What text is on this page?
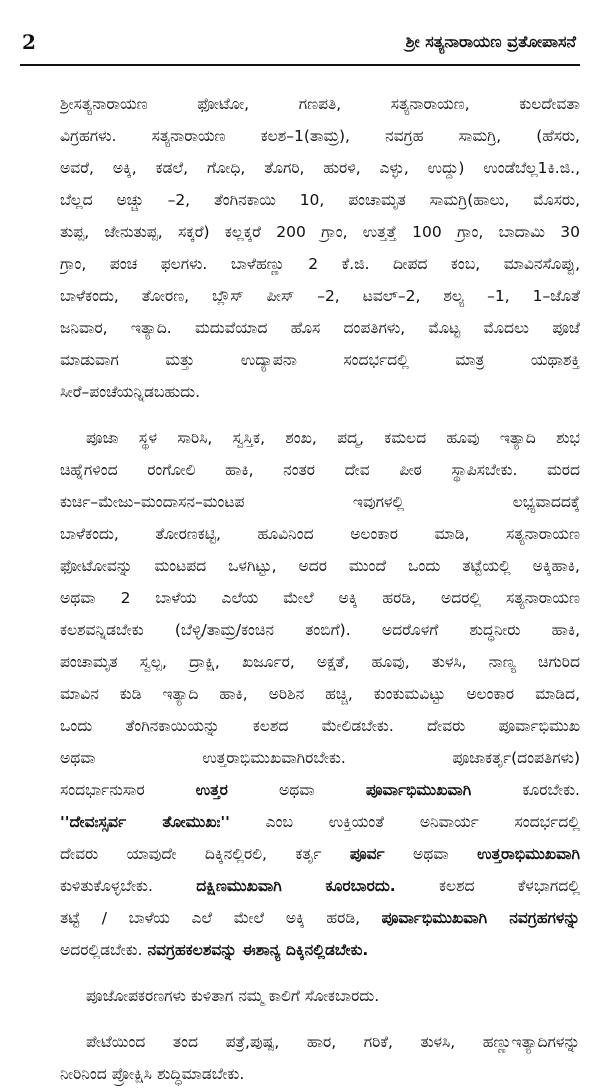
2	ಶ್ರೀ ಸತ್ಯನಾರಾಯಣ ವ್ರತೋಪಾಸನೆ
ಶ್ರೀಸತ್ಯನಾರಾಯಣ ಫೋಟೋ, ಗಣಪತಿ, ಸತ್ಯನಾರಾಯಣ, ಕುಲದೇವತಾ
ವಿಗ್ರಹಗಳು. ಸತ್ಯನಾರಾಯಣ ಕಲಶ–1(ತಾಮ್ರ), ನವಗ್ರಹ ಸಾಮಗ್ರಿ, (ಹೆಸರು,
ಅವರೆ, ಅಕ್ಕಿ, ಕಡಲೆ, ಗೋಧಿ, ತೊಗರಿ, ಹುರಳಿ, ಎಳ್ಳು, ಉದ್ದು) ಉಂಡೆಬೆಲ್ಲ1ಕಿ.ಜಿ.,
ಬೆಲ್ಲದ ಅಚ್ಚು –2, ತೆಂಗಿನಕಾಯಿ 10, ಪಂಚಾಮೃತ ಸಾಮಗ್ರಿ(ಹಾಲು, ಮೊಸರು,
ತುಪ್ಪ, ಜೇನುತುಪ್ಪ, ಸಕ್ಕರೆ) ಕಲ್ಲಕ್ಕರೆ 200 ಗ್ರಾಂ, ಉತ್ತತ್ತೆ 100 ಗ್ರಾಂ, ಬಾದಾಮಿ 30
ಗ್ರಾಂ, ಪಂಚ ಫಲಗಳು. ಬಾಳೆಹಣ್ಣು 2 ಕೆ.ಜಿ. ದೀಪದ ಕಂಬ, ಮಾವಿನಸೊಪ್ಪು,
ಬಾಳೆಕಂದು, ತೋರಣ, ಬ್ಲೌಸ್ ಪೀಸ್ –2, ಟವಲ್–2, ಶಲ್ಯ –1, 1–ಜೊತೆ
ಜನಿವಾರ, ಇತ್ಯಾದಿ. ಮದುವೆಯಾದ ಹೊಸ ದಂಪತಿಗಳು, ಮೊಟ್ಟ ಮೊದಲು ಪೂಜೆ
ಮಾಡುವಾಗ ಮತ್ತು ಉದ್ಯಾಪನಾ ಸಂದರ್ಭದಲ್ಲಿ ಮಾತ್ರ ಯಥಾಶಕ್ತಿ
ಸೀರೆ–ಪಂಚೆಯನ್ನಿಡಬಹುದು.
ಪೂಜಾ ಸ್ಥಳ ಸಾರಿಸಿ, ಸ್ವಸ್ತಿಕ, ಶಂಖ, ಪದ್ಮ, ಕಮಲದ ಹೂವು ಇತ್ಯಾದಿ ಶುಭ
ಚಿಹ್ನೆಗಳಿಂದ ರಂಗೋಲಿ ಹಾಕಿ, ನಂತರ ದೇವ ಪೀಠ ಸ್ಥಾಪಿಸಬೇಕು. ಮರದ
ಕುರ್ಚಿ–ಮೇಜು–ಮಂದಾಸನ–ಮಂಟಪ ಇವುಗಳಲ್ಲಿ ಲಭ್ಯವಾದದಕ್ಕೆ
ಬಾಳೆಕಂದು, ತೋರಣಕಟ್ಟಿ, ಹೂವಿನಿಂದ ಅಲಂಕಾರ ಮಾಡಿ, ಸತ್ಯನಾರಾಯಣ
ಫೋಟೋವನ್ನು ಮಂಟಪದ ಒಳಗಿಟ್ಟು, ಅದರ ಮುಂದೆ ಒಂದು ತಟ್ಟೆಯಲ್ಲಿ ಅಕ್ಕಿಹಾಕಿ,
ಅಥವಾ 2 ಬಾಳೆಯ ಎಲೆಯ ಮೇಲೆ ಅಕ್ಕಿ ಹರಡಿ, ಅದರಲ್ಲಿ ಸತ್ಯನಾರಾಯಣ
ಕಲಶವನ್ನಿಡಬೇಕು (ಬೆಳ್ಳಿ/ತಾಮ್ರ/ಕಂಚಿನ ತಂಬಿಗೆ). ಅದರೊಳಗೆ ಶುದ್ಧನೀರು ಹಾಕಿ,
ಪಂಚಾಮೃತ ಸ್ವಲ್ಪ, ದ್ರಾಕ್ಷಿ, ಖರ್ಜೂರ, ಅಕ್ಷತೆ, ಹೂವು, ತುಳಸಿ, ನಾಣ್ಯ ಚಿಗುರಿದ
ಮಾವಿನ ಕುಡಿ ಇತ್ಯಾದಿ ಹಾಕಿ, ಅರಿಶಿನ ಹಚ್ಚಿ, ಕುಂಕುಮವಿಟ್ಟು ಅಲಂಕಾರ ಮಾಡಿದ,
ಒಂದು ತೆಂಗಿನಕಾಯಿಯನ್ನು ಕಲಶದ ಮೇಲಿಡಬೇಕು. ದೇವರು ಪೂರ್ವಾಭಿಮುಖ
ಅಥವಾ ಉತ್ತರಾಭಿಮುಖವಾಗಿರಬೇಕು. ಪೂಜಾಕರ್ತೃ(ದಂಪತಿಗಳು)
ಸಂದರ್ಭಾನುಸಾರ ಉತ್ತರ ಅಥವಾ ಪೂರ್ವಾಭಿಮುಖವಾಗಿ ಕೂರಬೇಕು.
''ದೇವಃಸ್ಸರ್ವ ತೋಮುಖಃ'' ಎಂಬ ಉಕ್ತಿಯಂತೆ ಅನಿವಾರ್ಯ ಸಂದರ್ಭದಲ್ಲಿ
ದೇವರು ಯಾವುದೇ ದಿಕ್ಕಿನಲ್ಲಿರಲಿ, ಕರ್ತೃ ಪೂರ್ವ ಅಥವಾ ಉತ್ತರಾಭಿಮುಖವಾಗಿ
ಕುಳಿತುಕೊಳ್ಳಬೇಕು. ದಕ್ಷಿಣಮುಖವಾಗಿ ಕೂರಬಾರದು. ಕಲಶದ ಕೆಳಭಾಗದಲ್ಲಿ
ತಟ್ಟೆ / ಬಾಳೆಯ ಎಲೆ ಮೇಲೆ ಅಕ್ಕಿ ಹರಡಿ, ಪೂರ್ವಾಭಿಮುಖವಾಗಿ ನವಗ್ರಹಗಳನ್ನು
ಅದರಲ್ಲಿಡಬೇಕು. ನವಗ್ರಹಕಲಶವನ್ನು ಈಶಾನ್ಯ ದಿಕ್ಕಿನಲ್ಲಿಡಬೇಕು.
ಪೂಜೋಪಕರಣಗಳು ಕುಳಿತಾಗ ನಮ್ಮ ಕಾಲಿಗೆ ಸೋಕಬಾರದು.
ಪೇಟೆಯಿಂದ ತಂದ ಪತ್ರೆ,ಪುಷ್ಪ, ಹಾರ, ಗರಿಕೆ, ತುಳಸಿ, ಹಣ್ಣುಇತ್ಯಾದಿಗಳನ್ನು
ನೀರಿನಿಂದ ಪ್ರೋಕ್ಷಿಸಿ ಶುದ್ಧಿಮಾಡಬೇಕು.
